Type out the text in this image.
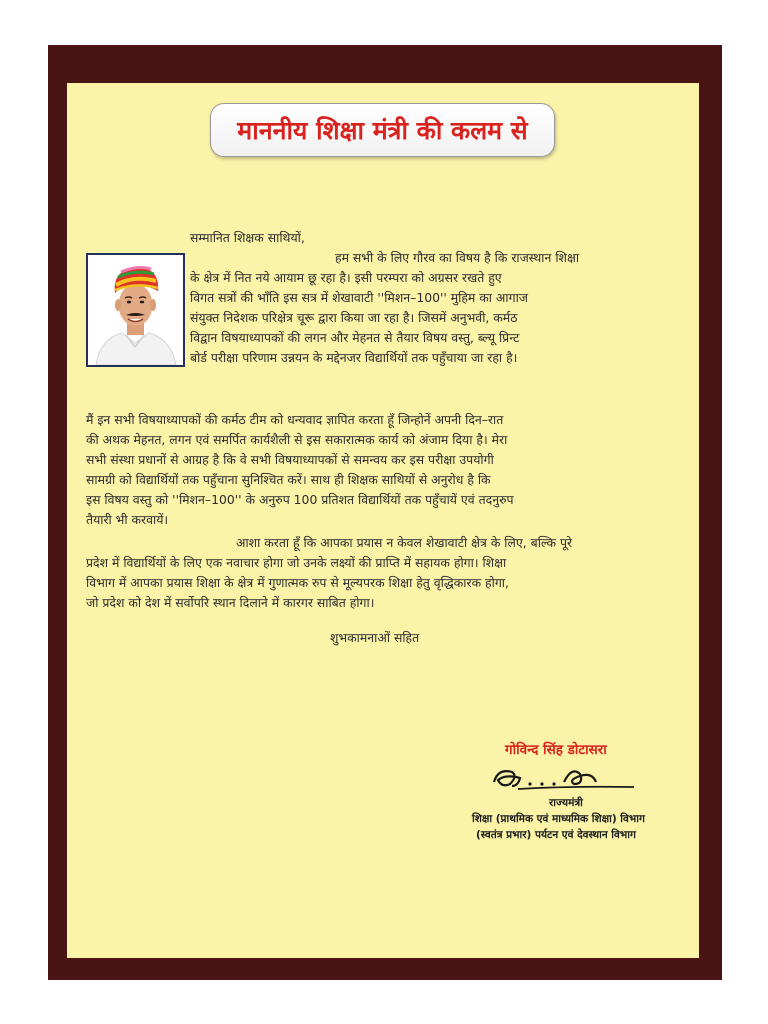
माननीय शिक्षा मंत्री की कलम से
सम्मानित शिक्षक साथियों,
हम सभी के लिए गौरव का विषय है कि राजस्थान शिक्षा
के क्षेत्र में नित नये आयाम छू रहा है। इसी परम्परा को अग्रसर रखते हुए
विगत सत्रों की भाँति इस सत्र में शेखावाटी ''मिशन–100'' मुहिम का आगाज
संयुक्त निदेशक परिक्षेत्र चूरू द्वारा किया जा रहा है। जिसमें अनुभवी, कर्मठ
विद्वान विषयाध्यापकों की लगन और मेहनत से तैयार विषय वस्तु, ब्ल्यू प्रिन्ट
बोर्ड परीक्षा परिणाम उन्नयन के मद्देनजर विद्यार्थियों तक पहुँचाया जा रहा है।
मैं इन सभी विषयाध्यापकों की कर्मठ टीम को धन्यवाद ज्ञापित करता हूँ जिन्होनें अपनी दिन–रात
की अथक मेहनत, लगन एवं समर्पित कार्यशैली से इस सकारात्मक कार्य को अंजाम दिया है। मेरा
सभी संस्था प्रधानों से आग्रह है कि वे सभी विषयाध्यापकों से समन्वय कर इस परीक्षा उपयोगी
सामग्री को विद्यार्थियों तक पहुँचाना सुनिश्चित करें। साथ ही शिक्षक साथियों से अनुरोध है कि
इस विषय वस्तु को ''मिशन–100'' के अनुरुप 100 प्रतिशत विद्यार्थियों तक पहुँचायें एवं तदनुरुप
तैयारी भी करवायें।
आशा करता हूँ कि आपका प्रयास न केवल शेखावाटी क्षेत्र के लिए, बल्कि पूरे
प्रदेश में विद्यार्थियों के लिए एक नवाचार होगा जो उनके लक्ष्यों की प्राप्ति में सहायक होगा। शिक्षा
विभाग में आपका प्रयास शिक्षा के क्षेत्र में गुणात्मक रुप से मूल्यपरक शिक्षा हेतु वृद्धिकारक होगा,
जो प्रदेश को देश में सर्वोपरि स्थान दिलाने में कारगर साबित होगा।
शुभकामनाओं सहित
गोविन्द सिंह डोटासरा
राज्यमंत्री
शिक्षा (प्राथमिक एवं माध्यमिक शिक्षा) विभाग
(स्वतंत्र प्रभार) पर्यटन एवं देवस्थान विभाग
